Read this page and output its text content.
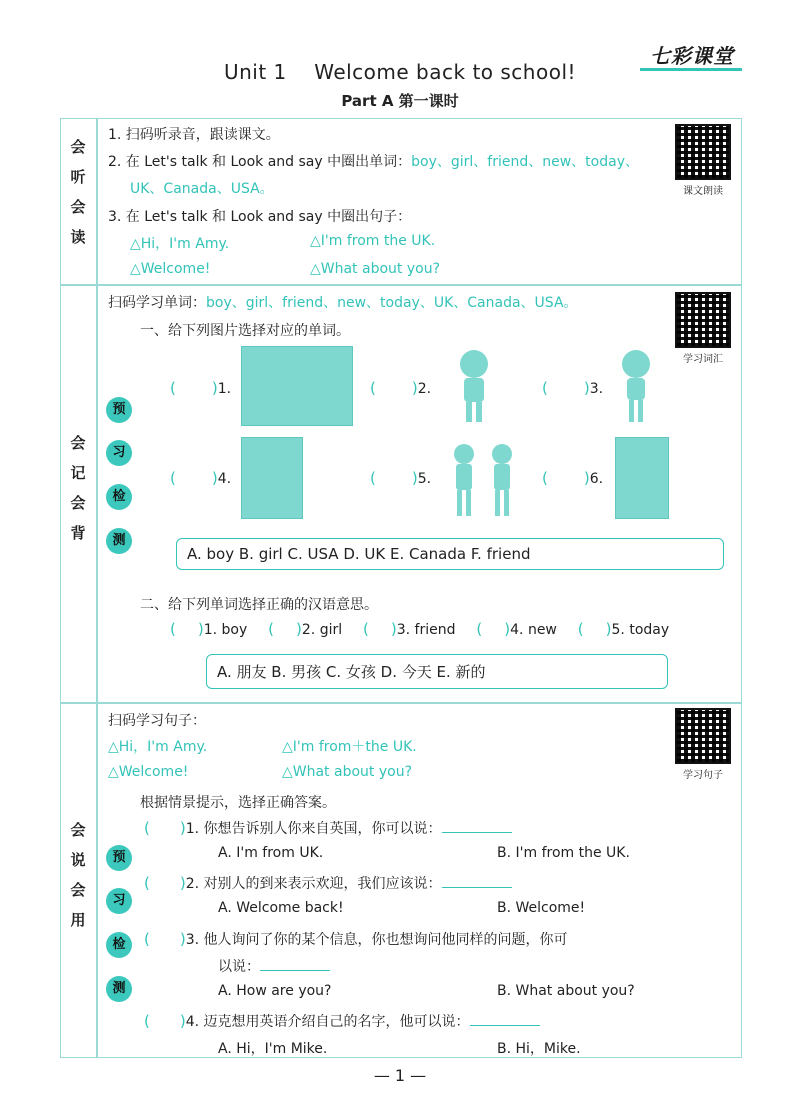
七彩课堂
Unit 1    Welcome back to school!
Part A 第一课时
会
听
会
读
会
记
会
背
会
说
会
用
1. 扫码听录音，跟读课文。
2. 在 Let's talk 和 Look and say 中圈出单词：boy、girl、friend、new、today、
UK、Canada、USA。
3. 在 Let's talk 和 Look and say 中圈出句子：
△Hi，I'm Amy.	△I'm from the UK.
△Welcome!	△What about you?
课文朗读
扫码学习单词：boy、girl、friend、new、today、UK、Canada、USA。
学习词汇
一、给下列图片选择对应的单词。
预
习
检
测
( )1.	( )2.	( )3.
( )4.	( )5.	( )6.
A. boy B. girl C. USA D. UK E. Canada F. friend
二、给下列单词选择正确的汉语意思。
( )1. boy ( )2. girl ( )3. friend ( )4. new ( )5. today
A. 朋友 B. 男孩 C. 女孩 D. 今天 E. 新的
扫码学习句子：
△Hi，I'm Amy.	△I'm from＋the UK.
△Welcome!	△What about you?	学习句子
根据情景提示，选择正确答案。
预
习
检
测
( )1. 你想告诉别人你来自英国，你可以说：
A. I'm from UK.	B. I'm from the UK.
( )2. 对别人的到来表示欢迎，我们应该说：
A. Welcome back!	B. Welcome!
( )3. 他人询问了你的某个信息，你也想询问他同样的问题，你可
以说：
A. How are you?	B. What about you?
( )4. 迈克想用英语介绍自己的名字，他可以说：
A. Hi，I'm Mike.	B. Hi，Mike.
— 1 —
